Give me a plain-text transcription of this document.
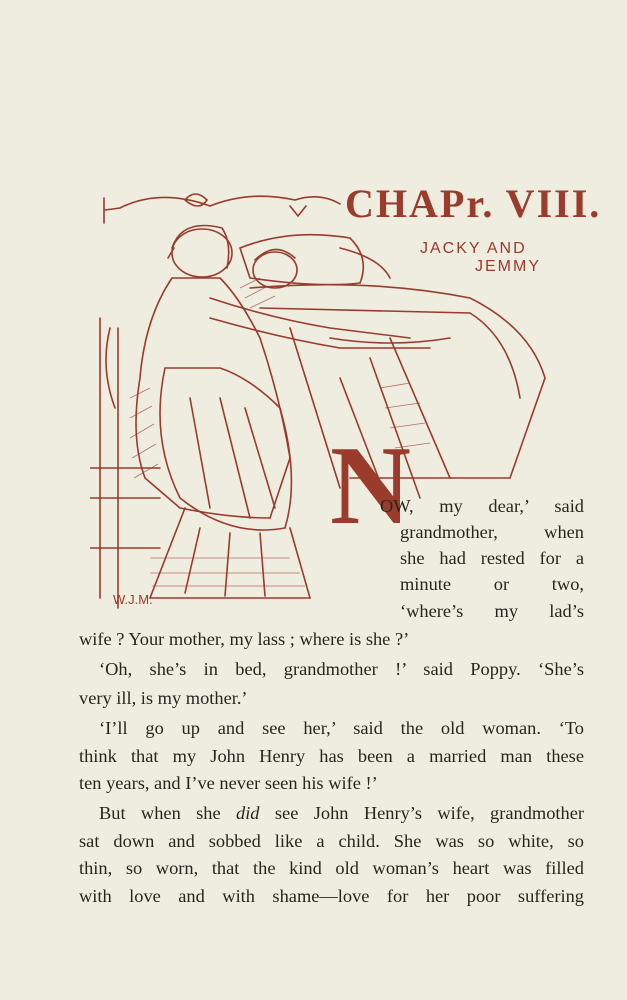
CHAPr. VIII.
JACKY AND
JEMMY
W.J.M.
N
OW, my dear,’ said
grandmother, when
she had rested for a
minute or two,
‘where’s my lad’s
wife ? Your mother, my lass ; where is she ?’
‘Oh, she’s in bed, grandmother !’ said Poppy. ‘She’s
very ill, is my mother.’
‘I’ll go up and see her,’ said the old woman. ‘To
think that my John Henry has been a married man these
ten years, and I’ve never seen his wife !’
But when she did see John Henry’s wife, grandmother
sat down and sobbed like a child. She was so white, so
thin, so worn, that the kind old woman’s heart was filled
with love and with shame—love for her poor suffering
